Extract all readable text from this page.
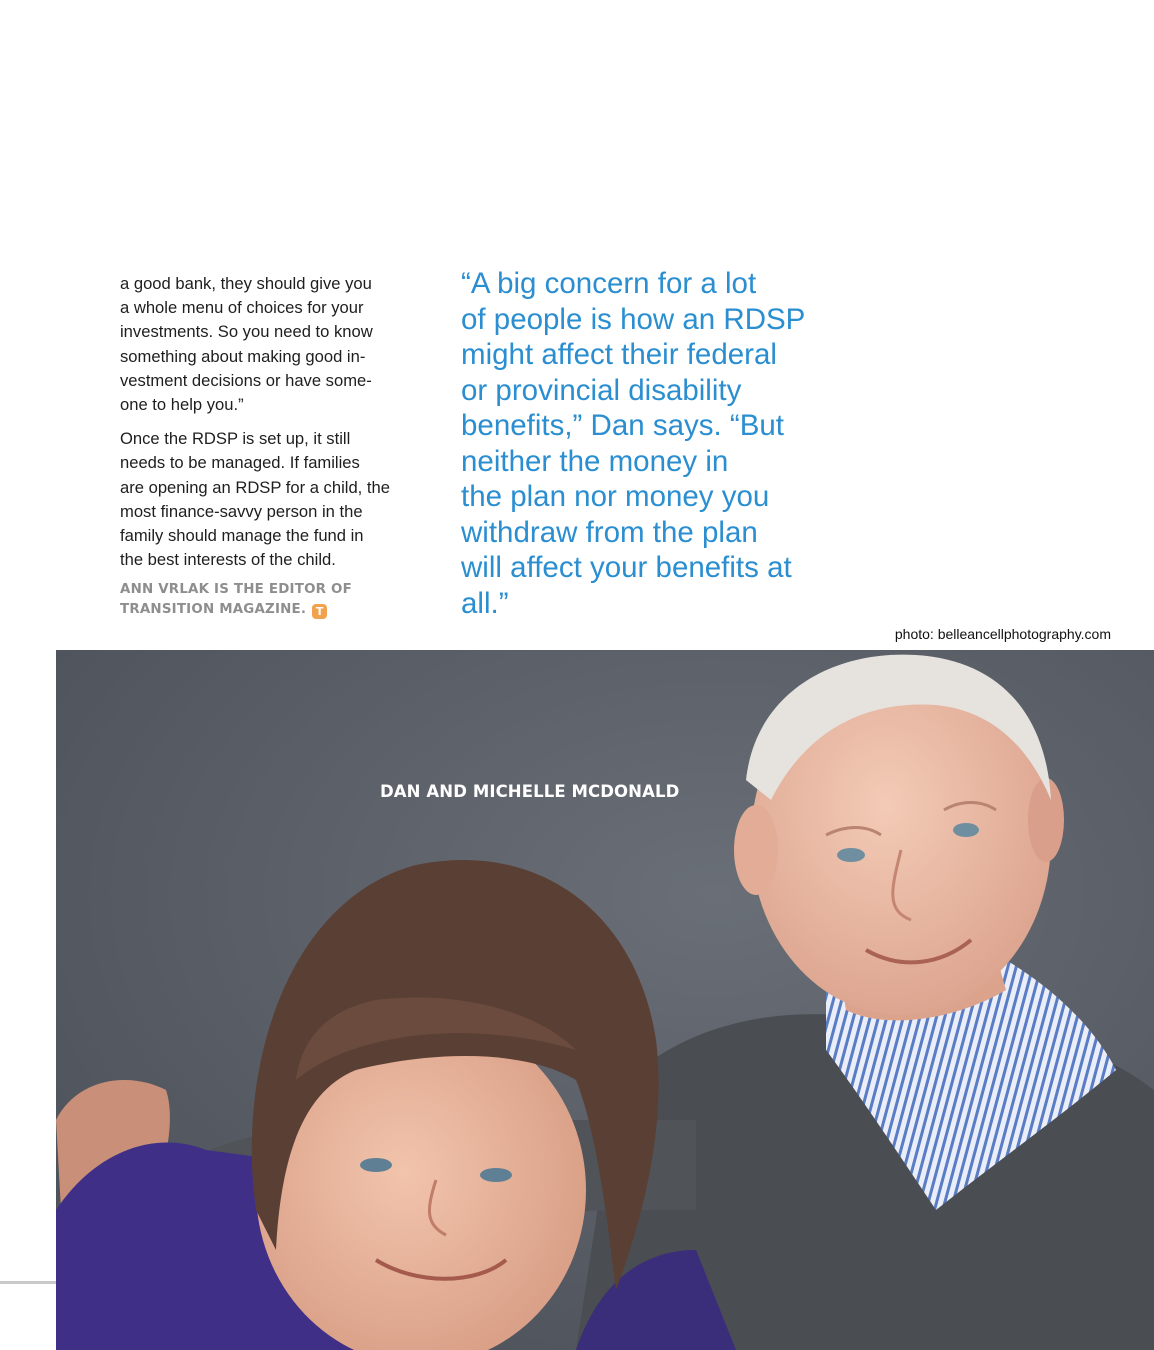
a good bank, they should give you
a whole menu of choices for your
investments. So you need to know
something about making good in-
vestment decisions or have some-
one to help you.”

Once the RDSP is set up, it still
needs to be managed. If families
are opening an RDSP for a child, the
most finance-savvy person in the
family should manage the fund in
the best interests of the child.

ANN VRLAK IS THE EDITOR OF
TRANSITION MAGAZINE. T
“A big concern for a lot
of people is how an RDSP
might affect their federal
or provincial disability
benefits,” Dan says. “But
neither the money in
the plan nor money you
withdraw from the plan
will affect your benefits at
all.”
photo: belleancellphotography.com
DAN AND MICHELLE MCDONALD
